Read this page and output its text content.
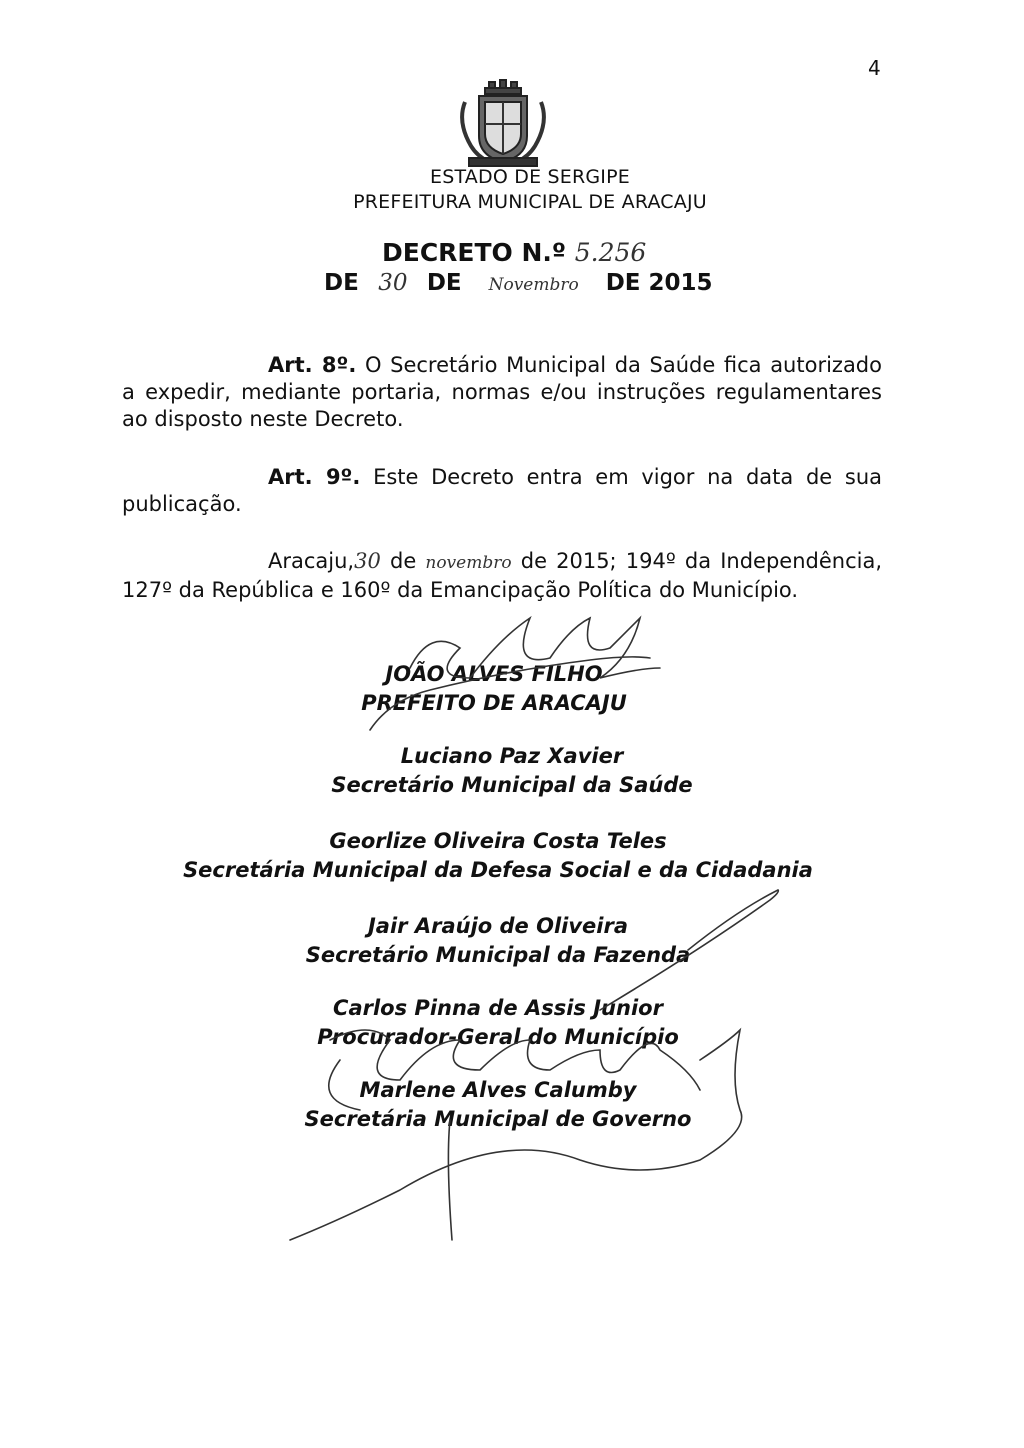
4
ESTADO DE SERGIPE
PREFEITURA MUNICIPAL DE ARACAJU
DECRETO N.º 5.256
DE 30 DE Novembro DE 2015
Art. 8º. O Secretário Municipal da Saúde fica autorizado a expedir, mediante portaria, normas e/ou instruções regulamentares ao disposto neste Decreto.
Art. 9º. Este Decreto entra em vigor na data de sua publicação.
Aracaju,30 de novembro de 2015; 194º da Independência, 127º da República e 160º da Emancipação Política do Município.
JOÃO ALVES FILHO
PREFEITO DE ARACAJU
Luciano Paz Xavier
Secretário Municipal da Saúde
Georlize Oliveira Costa Teles
Secretária Municipal da Defesa Social e da Cidadania
Jair Araújo de Oliveira
Secretário Municipal da Fazenda
Carlos Pinna de Assis Junior
Procurador-Geral do Município
Marlene Alves Calumby
Secretária Municipal de Governo
